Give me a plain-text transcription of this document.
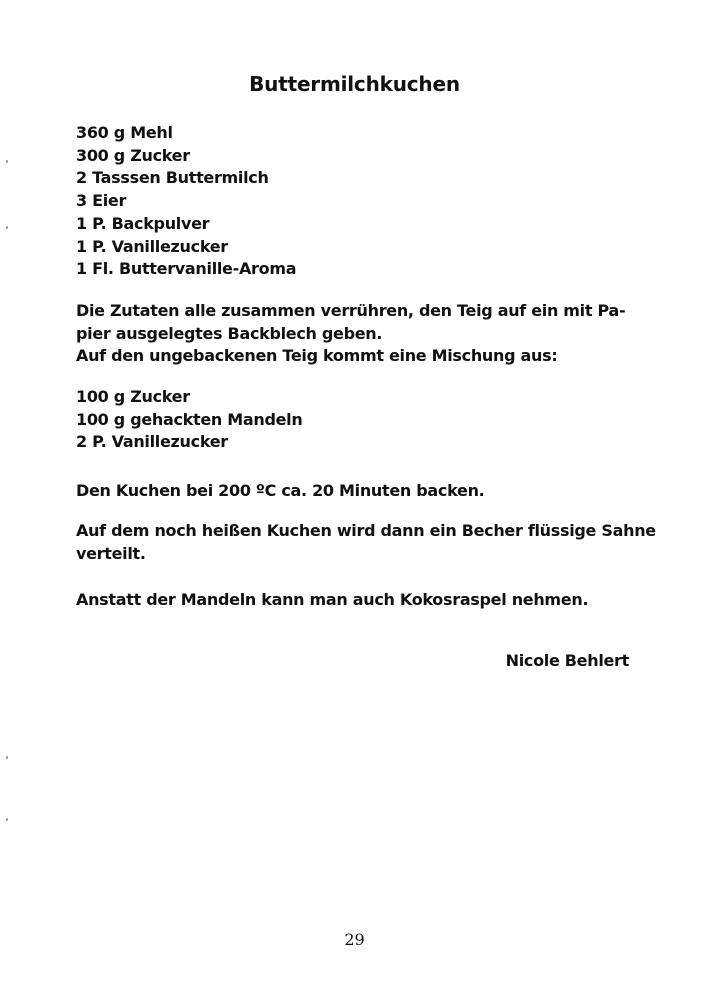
Buttermilchkuchen
360 g Mehl
300 g Zucker
2 Tasssen Buttermilch
3 Eier
1 P. Backpulver
1 P. Vanillezucker
1 Fl. Buttervanille-Aroma
Die Zutaten alle zusammen verrühren, den Teig auf ein mit Pa-
pier ausgelegtes Backblech geben.
Auf den ungebackenen Teig kommt eine Mischung aus:
100 g Zucker
100 g gehackten Mandeln
2 P. Vanillezucker
Den Kuchen bei 200 ºC ca. 20 Minuten backen.
Auf dem noch heißen Kuchen wird dann ein Becher flüssige Sahne
verteilt.
Anstatt der Mandeln kann man auch Kokosraspel nehmen.
Nicole Behlert
29
